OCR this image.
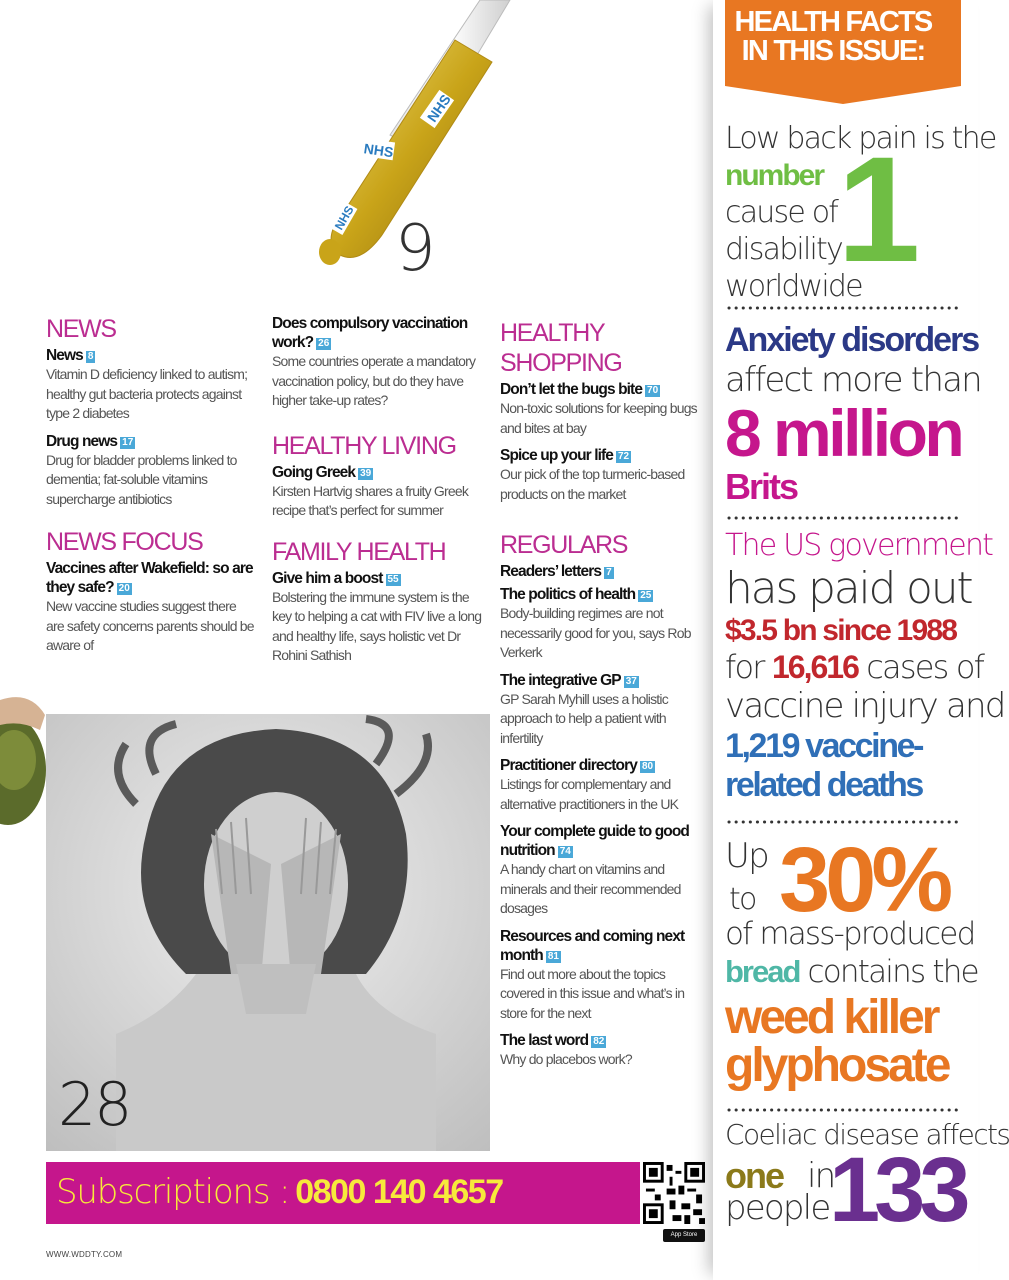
NHS
NHS
NHS 9
NEWS
News 8
Vitamin D deficiency linked to autism; healthy gut bacteria protects against type 2 diabetes
Drug news 17
Drug for bladder problems linked to dementia; fat-soluble vitamins supercharge antibiotics
NEWS FOCUS
Vaccines after Wakefield: so are they safe? 20
New vaccine studies suggest there are safety concerns parents should be aware of
Does compulsory vaccination work? 26
Some countries operate a mandatory vaccination policy, but do they have higher take-up rates?
HEALTHY LIVING
Going Greek 39
Kirsten Hartvig shares a fruity Greek recipe that’s perfect for summer
FAMILY HEALTH
Give him a boost 55
Bolstering the immune system is the key to helping a cat with FIV live a long and healthy life, says holistic vet Dr Rohini Sathish
HEALTHY SHOPPING
Don’t let the bugs bite 70
Non-toxic solutions for keeping bugs and bites at bay
Spice up your life 72
Our pick of the top turmeric-based products on the market
REGULARS
Readers’ letters 7
The politics of health 25
Body-building regimes are not necessarily good for you, says Rob Verkerk
The integrative GP 37
GP Sarah Myhill uses a holistic approach to help a patient with infertility
Practitioner directory 80
Listings for complementary and alternative practitioners in the UK
Your complete guide to good nutrition 74
A handy chart on vitamins and minerals and their recommended dosages
Resources and coming next month 81
Find out more about the topics covered in this issue and what’s in store for the next
The last word 82
Why do placebos work?
28
Subscriptions : 0800 140 4657
App Store
WWW.WDDTY.COM
HEALTH FACTS
IN THIS ISSUE:
1
Low back pain is the
number
cause of
disability
worldwide
Anxiety disorders
affect more than
8 million
Brits
The US government
has paid out
$3.5 bn since 1988
for 16,616 cases of
vaccine injury and
1,219 vaccine-
related deaths
Up
to 30%
of mass-produced
bread contains the
weed killer
glyphosate
Coeliac disease affects
one in
people 133
